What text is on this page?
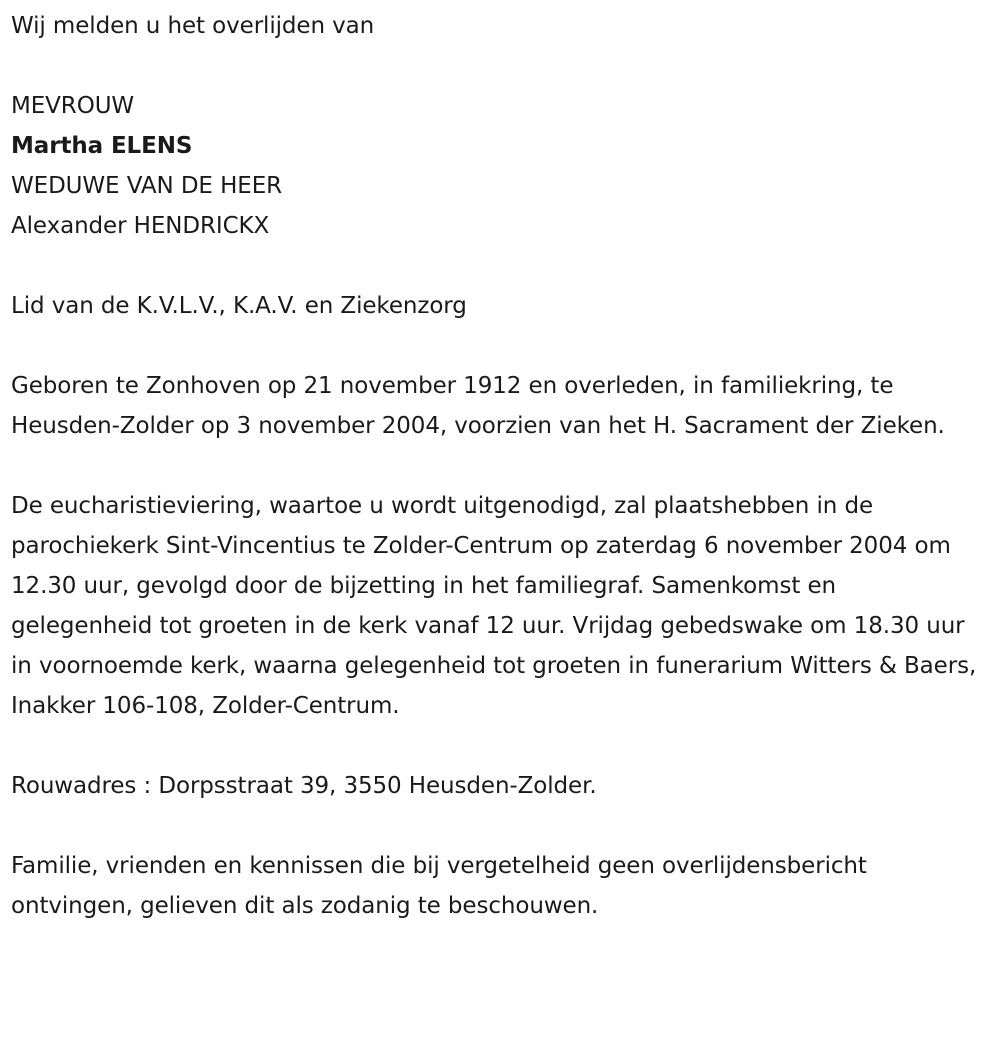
Wij melden u het overlijden van

MEVROUW

Martha ELENS

WEDUWE VAN DE HEER

Alexander HENDRICKX

Lid van de K.V.L.V., K.A.V. en Ziekenzorg

Geboren te Zonhoven op 21 november 1912 en overleden, in familiekring, te Heusden-Zolder op 3 november 2004, voorzien van het H. Sacrament der Zieken.

De eucharistieviering, waartoe u wordt uitgenodigd, zal plaatshebben in de parochiekerk Sint-Vincentius te Zolder-Centrum op zaterdag 6 november 2004 om 12.30 uur, gevolgd door de bijzetting in het familiegraf. Samenkomst en gelegenheid tot groeten in de kerk vanaf 12 uur. Vrijdag gebedswake om 18.30 uur in voornoemde kerk, waarna gelegenheid tot groeten in funerarium Witters & Baers, Inakker 106-108, Zolder-Centrum.

Rouwadres : Dorpsstraat 39, 3550 Heusden-Zolder.

Familie, vrienden en kennissen die bij vergetelheid geen overlijdensbericht ontvingen, gelieven dit als zodanig te beschouwen.
